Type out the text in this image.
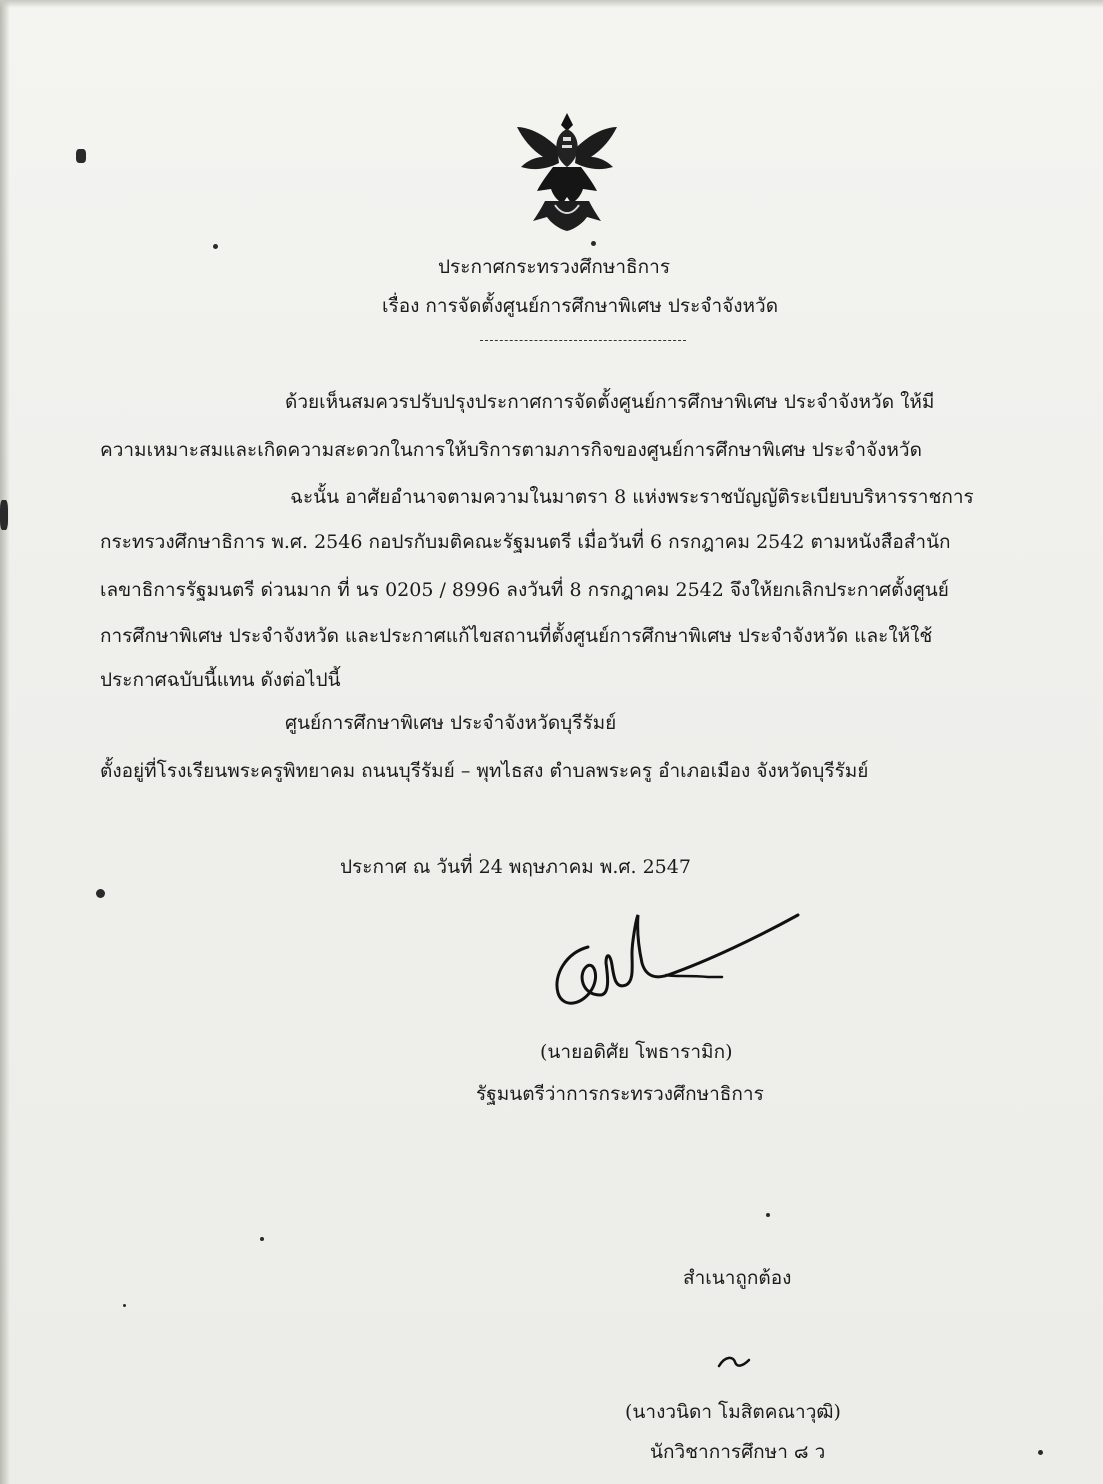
ประกาศกระทรวงศึกษาธิการ
เรื่อง การจัดตั้งศูนย์การศึกษาพิเศษ ประจำจังหวัด
ด้วยเห็นสมควรปรับปรุงประกาศการจัดตั้งศูนย์การศึกษาพิเศษ ประจำจังหวัด ให้มี
ความเหมาะสมและเกิดความสะดวกในการให้บริการตามภารกิจของศูนย์การศึกษาพิเศษ ประจำจังหวัด
ฉะนั้น อาศัยอำนาจตามความในมาตรา 8 แห่งพระราชบัญญัติระเบียบบริหารราชการ
กระทรวงศึกษาธิการ พ.ศ. 2546 กอปรกับมติคณะรัฐมนตรี เมื่อวันที่ 6 กรกฎาคม 2542 ตามหนังสือสำนัก
เลขาธิการรัฐมนตรี ด่วนมาก ที่ นร 0205 / 8996 ลงวันที่ 8 กรกฎาคม 2542 จึงให้ยกเลิกประกาศตั้งศูนย์
การศึกษาพิเศษ ประจำจังหวัด และประกาศแก้ไขสถานที่ตั้งศูนย์การศึกษาพิเศษ ประจำจังหวัด และให้ใช้
ประกาศฉบับนี้แทน ดังต่อไปนี้
ศูนย์การศึกษาพิเศษ ประจำจังหวัดบุรีรัมย์
ตั้งอยู่ที่โรงเรียนพระครูพิทยาคม ถนนบุรีรัมย์ – พุทไธสง ตำบลพระครู อำเภอเมือง จังหวัดบุรีรัมย์
ประกาศ ณ วันที่ 24 พฤษภาคม พ.ศ. 2547
(นายอดิศัย โพธารามิก)
รัฐมนตรีว่าการกระทรวงศึกษาธิการ
สำเนาถูกต้อง
(นางวนิดา โมสิตคณาวุฒิ)
นักวิชาการศึกษา ๘ ว
